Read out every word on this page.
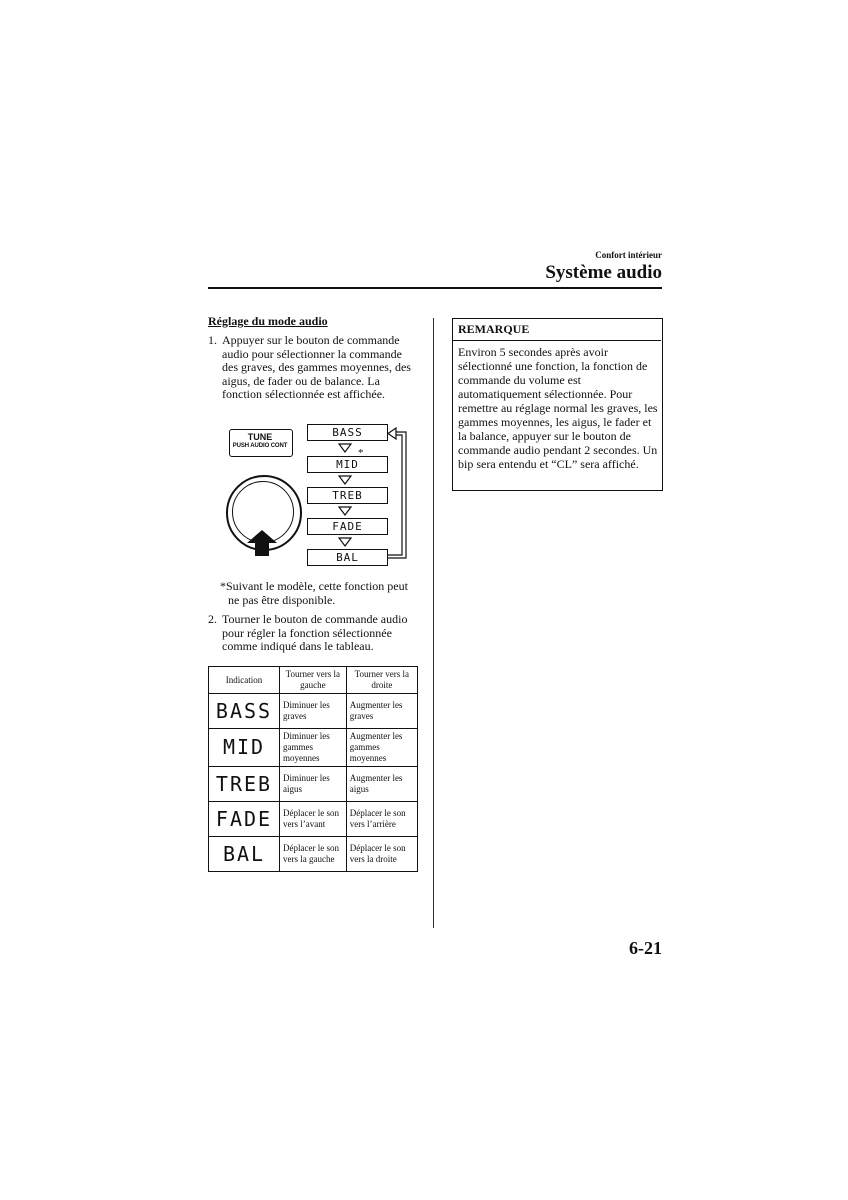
Confort intérieur
Système audio
Réglage du mode audio
1. Appuyer sur le bouton de commande audio pour sélectionner la commande des graves, des gammes moyennes, des aigus, de fader ou de balance. La fonction sélectionnée est affichée.
TUNE
PUSH AUDIO CONT
BASS
*
MID
TREB
FADE
BAL
*Suivant le modèle, cette fonction peut
ne pas être disponible.
2. Tourner le bouton de commande audio pour régler la fonction sélectionnée comme indiqué dans le tableau.
Indication	Tourner vers la gauche	Tourner vers la droite
BASS	Diminuer les graves	Augmenter les graves
MID	Diminuer les gammes moyennes	Augmenter les gammes moyennes
TREB	Diminuer les aigus	Augmenter les aigus
FADE	Déplacer le son vers l’avant	Déplacer le son vers l’arrière
BAL	Déplacer le son vers la gauche	Déplacer le son vers la droite
REMARQUE
Environ 5 secondes après avoir sélectionné une fonction, la fonction de commande du volume est automatiquement sélectionnée. Pour remettre au réglage normal les graves, les gammes moyennes, les aigus, le fader et la balance, appuyer sur le bouton de commande audio pendant 2 secondes. Un bip sera entendu et “CL” sera affiché.
6-21
